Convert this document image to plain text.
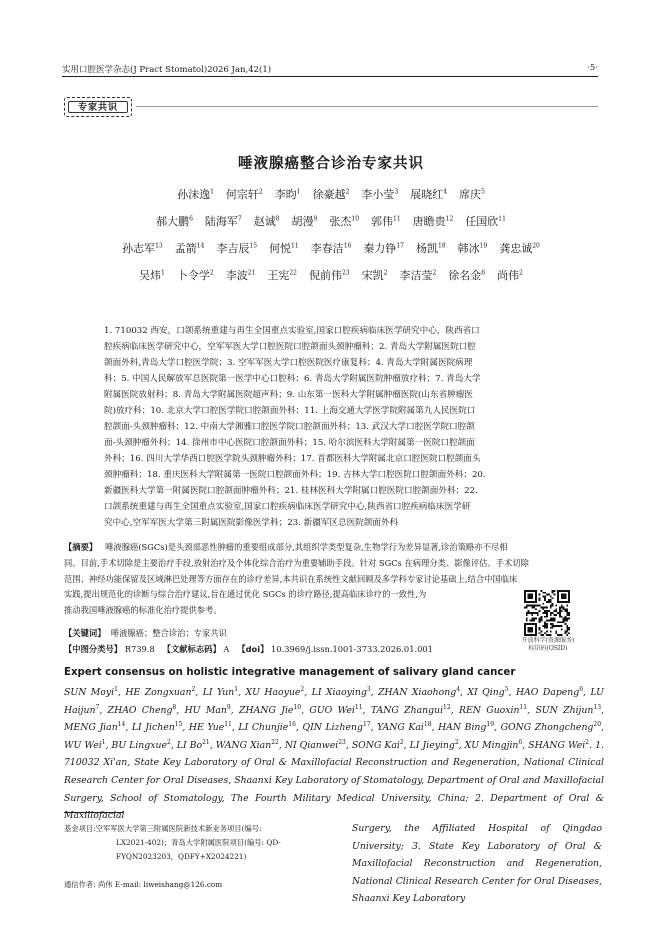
实用口腔医学杂志(J Pract Stomatol)2026 Jan,42(1)	·5·
专家共识
唾液腺癌整合诊治专家共识
孙沫逸$^1$ 何宗轩$^2$ 李昀$^1$ 徐豪越$^2$ 李小莹$^3$ 展晓红$^4$ 席庆$^5$
郝大鹏$^6$ 陆海军$^7$ 赵诚$^8$ 胡漫$^9$ 张杰$^{10}$ 郭伟$^{11}$ 唐瞻贵$^{12}$ 任国欣$^{11}$
孙志军$^{13}$ 孟箭$^{14}$ 李吉辰$^{15}$ 何悦$^{11}$ 李春洁$^{16}$ 秦力铮$^{17}$ 杨凯$^{18}$ 韩冰$^{19}$ 龚忠诚$^{20}$
吴炜$^1$ 卜令学$^2$ 李波$^{21}$ 王宪$^{22}$ 倪前伟$^{23}$ 宋凯$^2$ 李洁莹$^2$ 徐名金$^6$ 尚伟$^2$
1. 710032 西安，口颌系统重建与再生全国重点实验室,国家口腔疾病临床医学研究中心，陕西省口
腔疾病临床医学研究中心，空军军医大学口腔医院口腔颌面头颈肿瘤科；2. 青岛大学附属医院口腔
颌面外科,青岛大学口腔医学院；3. 空军军医大学口腔医院医疗康复科；4. 青岛大学附属医院病理
科；5. 中国人民解放军总医院第一医学中心口腔科；6. 青岛大学附属医院肿瘤放疗科；7. 青岛大学
附属医院放射科；8. 青岛大学附属医院超声科；9. 山东第一医科大学附属肿瘤医院(山东省肿瘤医
院)放疗科；10. 北京大学口腔医学院口腔颌面外科；11. 上海交通大学医学院附属第九人民医院口
腔颌面-头颈肿瘤科；12. 中南大学湘雅口腔医学院口腔颌面外科；13. 武汉大学口腔医学院口腔颌
面-头颈肿瘤外科；14. 徐州市中心医院口腔颌面外科；15. 哈尔滨医科大学附属第一医院口腔颌面
外科；16. 四川大学华西口腔医学院头颈肿瘤外科；17. 首都医科大学附属北京口腔医院口腔颌面头
颈肿瘤科；18. 重庆医科大学附属第一医院口腔颌面外科；19. 吉林大学口腔医院口腔颌面外科；20.
新疆医科大学第一附属医院口腔颌面肿瘤外科；21. 桂林医科大学附属口腔医院口腔颌面外科；22.
口颌系统重建与再生全国重点实验室,国家口腔疾病临床医学研究中心,陕西省口腔疾病临床医学研
究中心,空军军医大学第三附属医院影像医学科；23. 新疆军区总医院颌面外科
【摘要】 唾液腺癌(SGCs)是头颈部恶性肿瘤的重要组成部分,其组织学类型复杂,生物学行为差异显著,诊治策略亦不尽相
同。目前,手术切除是主要治疗手段,放射治疗及个体化综合治疗为重要辅助手段。针对 SGCs 在病理分类、影像评估、手术切除
范围、神经功能保留及区域淋巴处理等方面存在的诊疗差异,本共识在系统性文献回顾及多学科专家讨论基础上,结合中国临床
实践,提出规范化的诊断与综合治疗建议,旨在通过优化 SGCs 的诊疗路径,提高临床诊疗的一致性,为
推动我国唾液腺癌的标准化治疗提供参考。
开放科学(资源服务)
标识码(OSID)
【关键词】 唾液腺癌；整合诊治；专家共识
【中图分类号】 R739.8 【文献标志码】 A 【doi】 10.3969/j.issn.1001-3733.2026.01.001
Expert consensus on holistic integrative management of salivary gland cancer
SUN Moyi$^1$, HE Zongxuan$^2$, LI Yun$^1$, XU Haoyue$^2$, LI Xiaoying$^3$, ZHAN Xiaohong$^4$, XI Qing$^5$, HAO Dapeng$^6$, LU Haijun$^7$, ZHAO Cheng$^8$, HU Man$^9$, ZHANG Jie$^{10}$, GUO Wei$^{11}$, TANG Zhangui$^{12}$, REN Guoxin$^{11}$, SUN Zhijun$^{13}$, MENG Jian$^{14}$, LI Jichen$^{15}$, HE Yue$^{11}$, LI Chunjie$^{16}$, QIN Lizheng$^{17}$, YANG Kai$^{18}$, HAN Bing$^{19}$, GONG Zhongcheng$^{20}$, WU Wei$^1$, BU Lingxue$^2$, LI Bo$^{21}$, WANG Xian$^{22}$, NI Qianwei$^{23}$, SONG Kai$^2$, LI Jieying$^2$, XU Mingjin$^6$, SHANG Wei$^2$. 1. 710032 Xi'an, State Key Laboratory of Oral & Maxillofacial Reconstruction and Regeneration, National Clinical Research Center for Oral Diseases, Shaanxi Key Laboratory of Stomatology, Department of Oral and Maxillofacial Surgery, School of Stomatology, The Fourth Military Medical University, China; 2. Department of Oral & Maxillofacial
基金项目:空军军医大学第三附属医院新技术新业务项目(编号:
LX2021-402)；青岛大学附属医院项目(编号: QD-
FYQN2023203，QDFY+X2024221)
通信作者: 尚伟 E-mail: liweishang@126.com
Surgery, the Affiliated Hospital of Qingdao University; 3. State Key Laboratory of Oral & Maxillofacial Reconstruction and Regeneration, National Clinical Research Center for Oral Diseases, Shaanxi Key Laboratory
